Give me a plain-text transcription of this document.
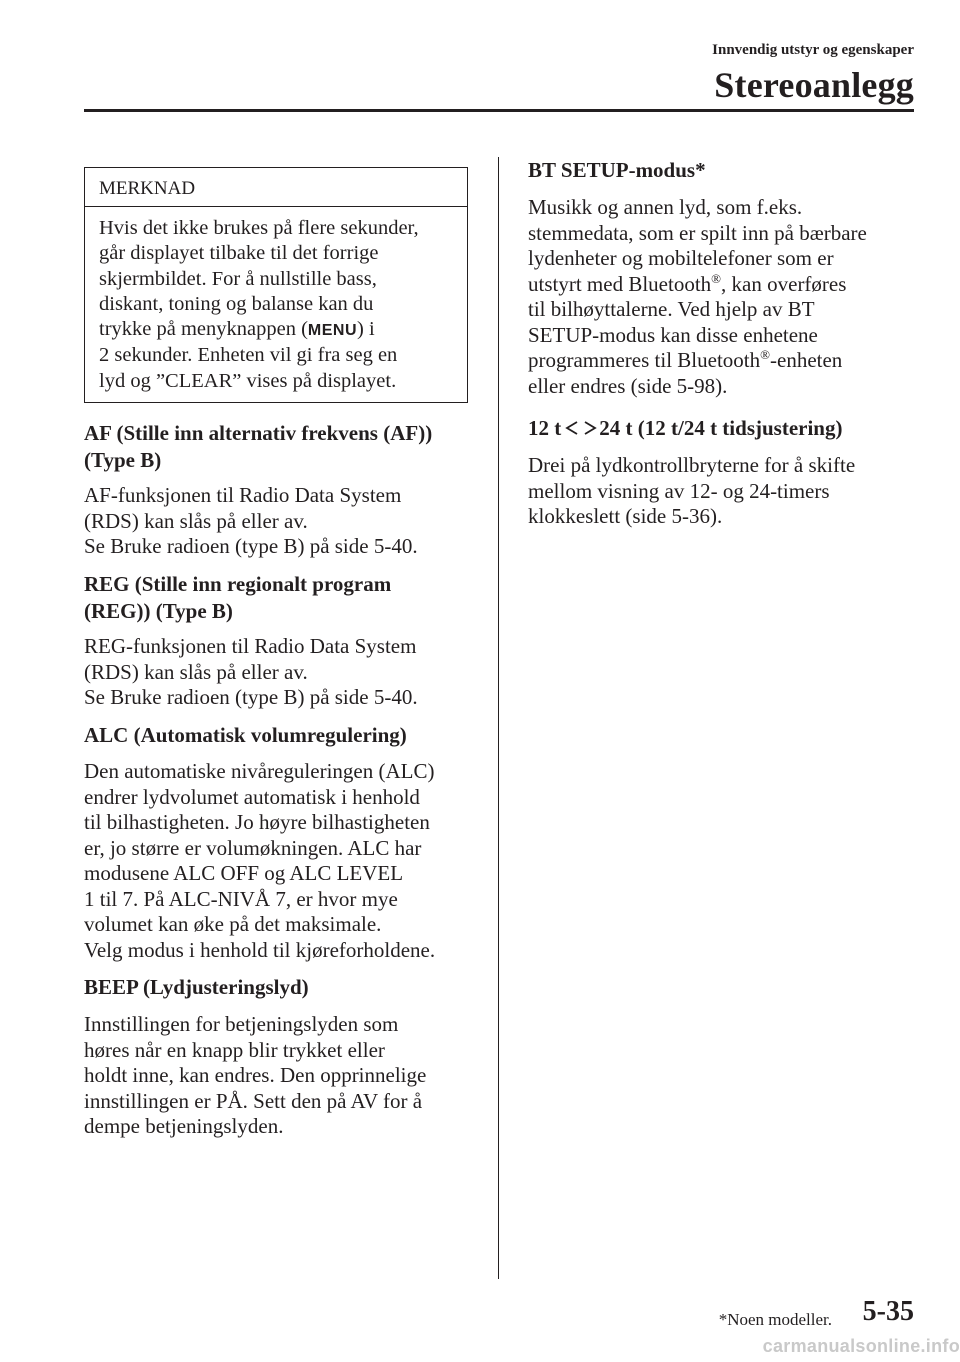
Innvendig utstyr og egenskaper
Stereoanlegg
MERKNAD
Hvis det ikke brukes på flere sekunder,
går displayet tilbake til det forrige
skjermbildet. For å nullstille bass,
diskant, toning og balanse kan du
trykke på menyknappen (MENU) i
2 sekunder. Enheten vil gi fra seg en
lyd og ”CLEAR” vises på displayet.
AF (Stille inn alternativ frekvens (AF))
(Type B)
AF-funksjonen til Radio Data System
(RDS) kan slås på eller av.
Se Bruke radioen (type B) på side 5-40.
REG (Stille inn regionalt program
(REG)) (Type B)
REG-funksjonen til Radio Data System
(RDS) kan slås på eller av.
Se Bruke radioen (type B) på side 5-40.
ALC (Automatisk volumregulering)
Den automatiske nivåreguleringen (ALC)
endrer lydvolumet automatisk i henhold
til bilhastigheten. Jo høyre bilhastigheten
er, jo større er volumøkningen. ALC har
modusene ALC OFF og ALC LEVEL
1 til 7. På ALC-NIVÅ 7, er hvor mye
volumet kan øke på det maksimale.
Velg modus i henhold til kjøreforholdene.
BEEP (Lydjusteringslyd)
Innstillingen for betjeningslyden som
høres når en knapp blir trykket eller
holdt inne, kan endres. Den opprinnelige
innstillingen er PÅ. Sett den på AV for å
dempe betjeningslyden.
BT SETUP-modus*
Musikk og annen lyd, som f.eks.
stemmedata, som er spilt inn på bærbare
lydenheter og mobiltelefoner som er
utstyrt med Bluetooth®, kan overføres
til bilhøyttalerne. Ved hjelp av BT
SETUP-modus kan disse enhetene
programmeres til Bluetooth®-enheten
eller endres (side 5-98).
12 t 24 t (12 t/24 t tidsjustering)
Drei på lydkontrollbryterne for å skifte
mellom visning av 12- og 24-timers
klokkeslett (side 5-36).
*Noen modeller. 5-35
carmanualsonline.info
